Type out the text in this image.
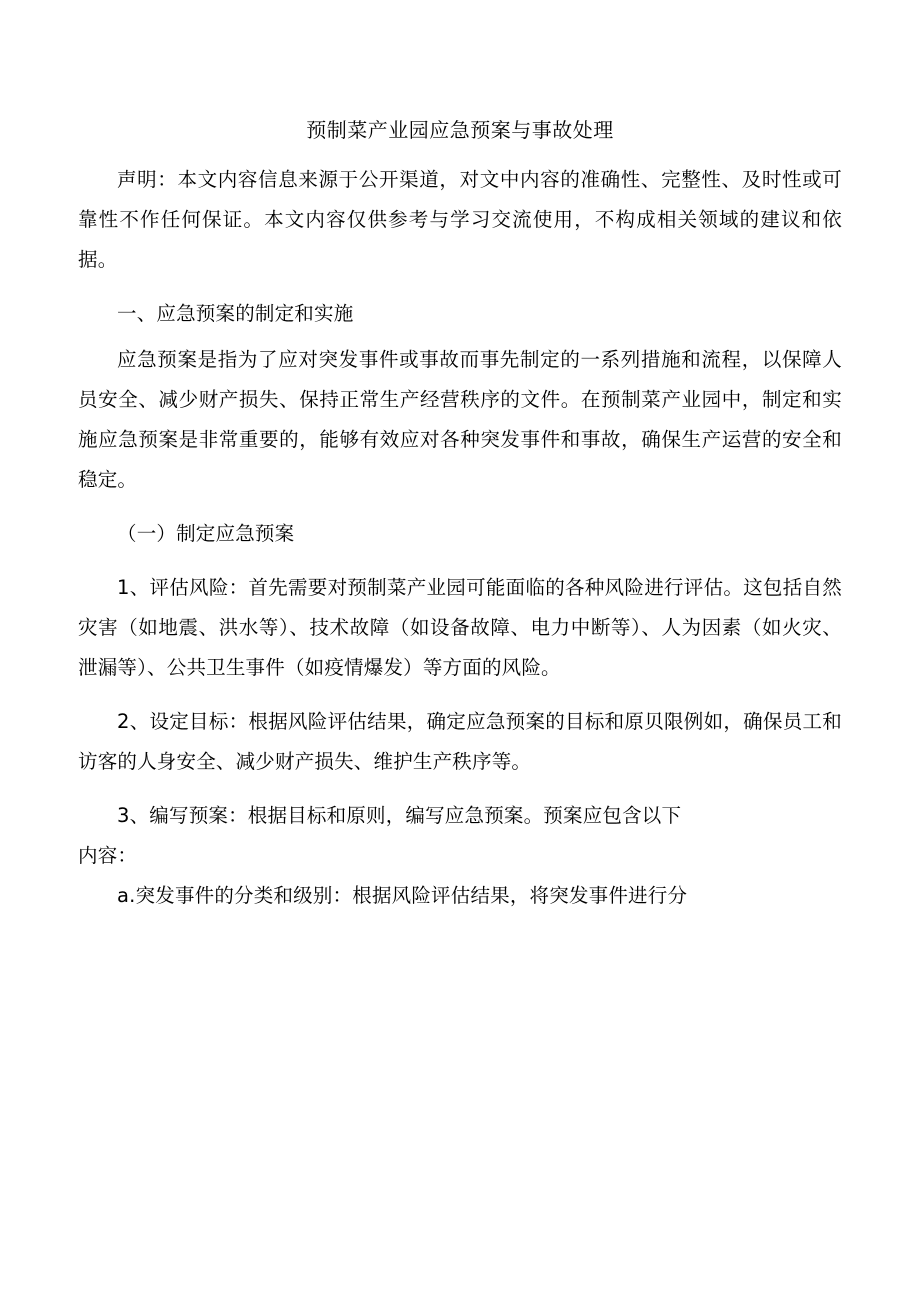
预制菜产业园应急预案与事故处理

声明：本文内容信息来源于公开渠道，对文中内容的准确性、完整性、及时性或可靠性不作任何保证。本文内容仅供参考与学习交流使用，不构成相关领域的建议和依据。

一、应急预案的制定和实施

应急预案是指为了应对突发事件或事故而事先制定的一系列措施和流程，以保障人员安全、减少财产损失、保持正常生产经营秩序的文件。在预制菜产业园中，制定和实施应急预案是非常重要的，能够有效应对各种突发事件和事故，确保生产运营的安全和稳定。

（一）制定应急预案

1、评估风险：首先需要对预制菜产业园可能面临的各种风险进行评估。这包括自然灾害（如地震、洪水等）、技术故障（如设备故障、电力中断等）、人为因素（如火灾、泄漏等）、公共卫生事件（如疫情爆发）等方面的风险。

2、设定目标：根据风险评估结果，确定应急预案的目标和原贝限例如，确保员工和访客的人身安全、减少财产损失、维护生产秩序等。

3、编写预案：根据目标和原则，编写应急预案。预案应包含以下

内容：

a.突发事件的分类和级别：根据风险评估结果，将突发事件进行分
